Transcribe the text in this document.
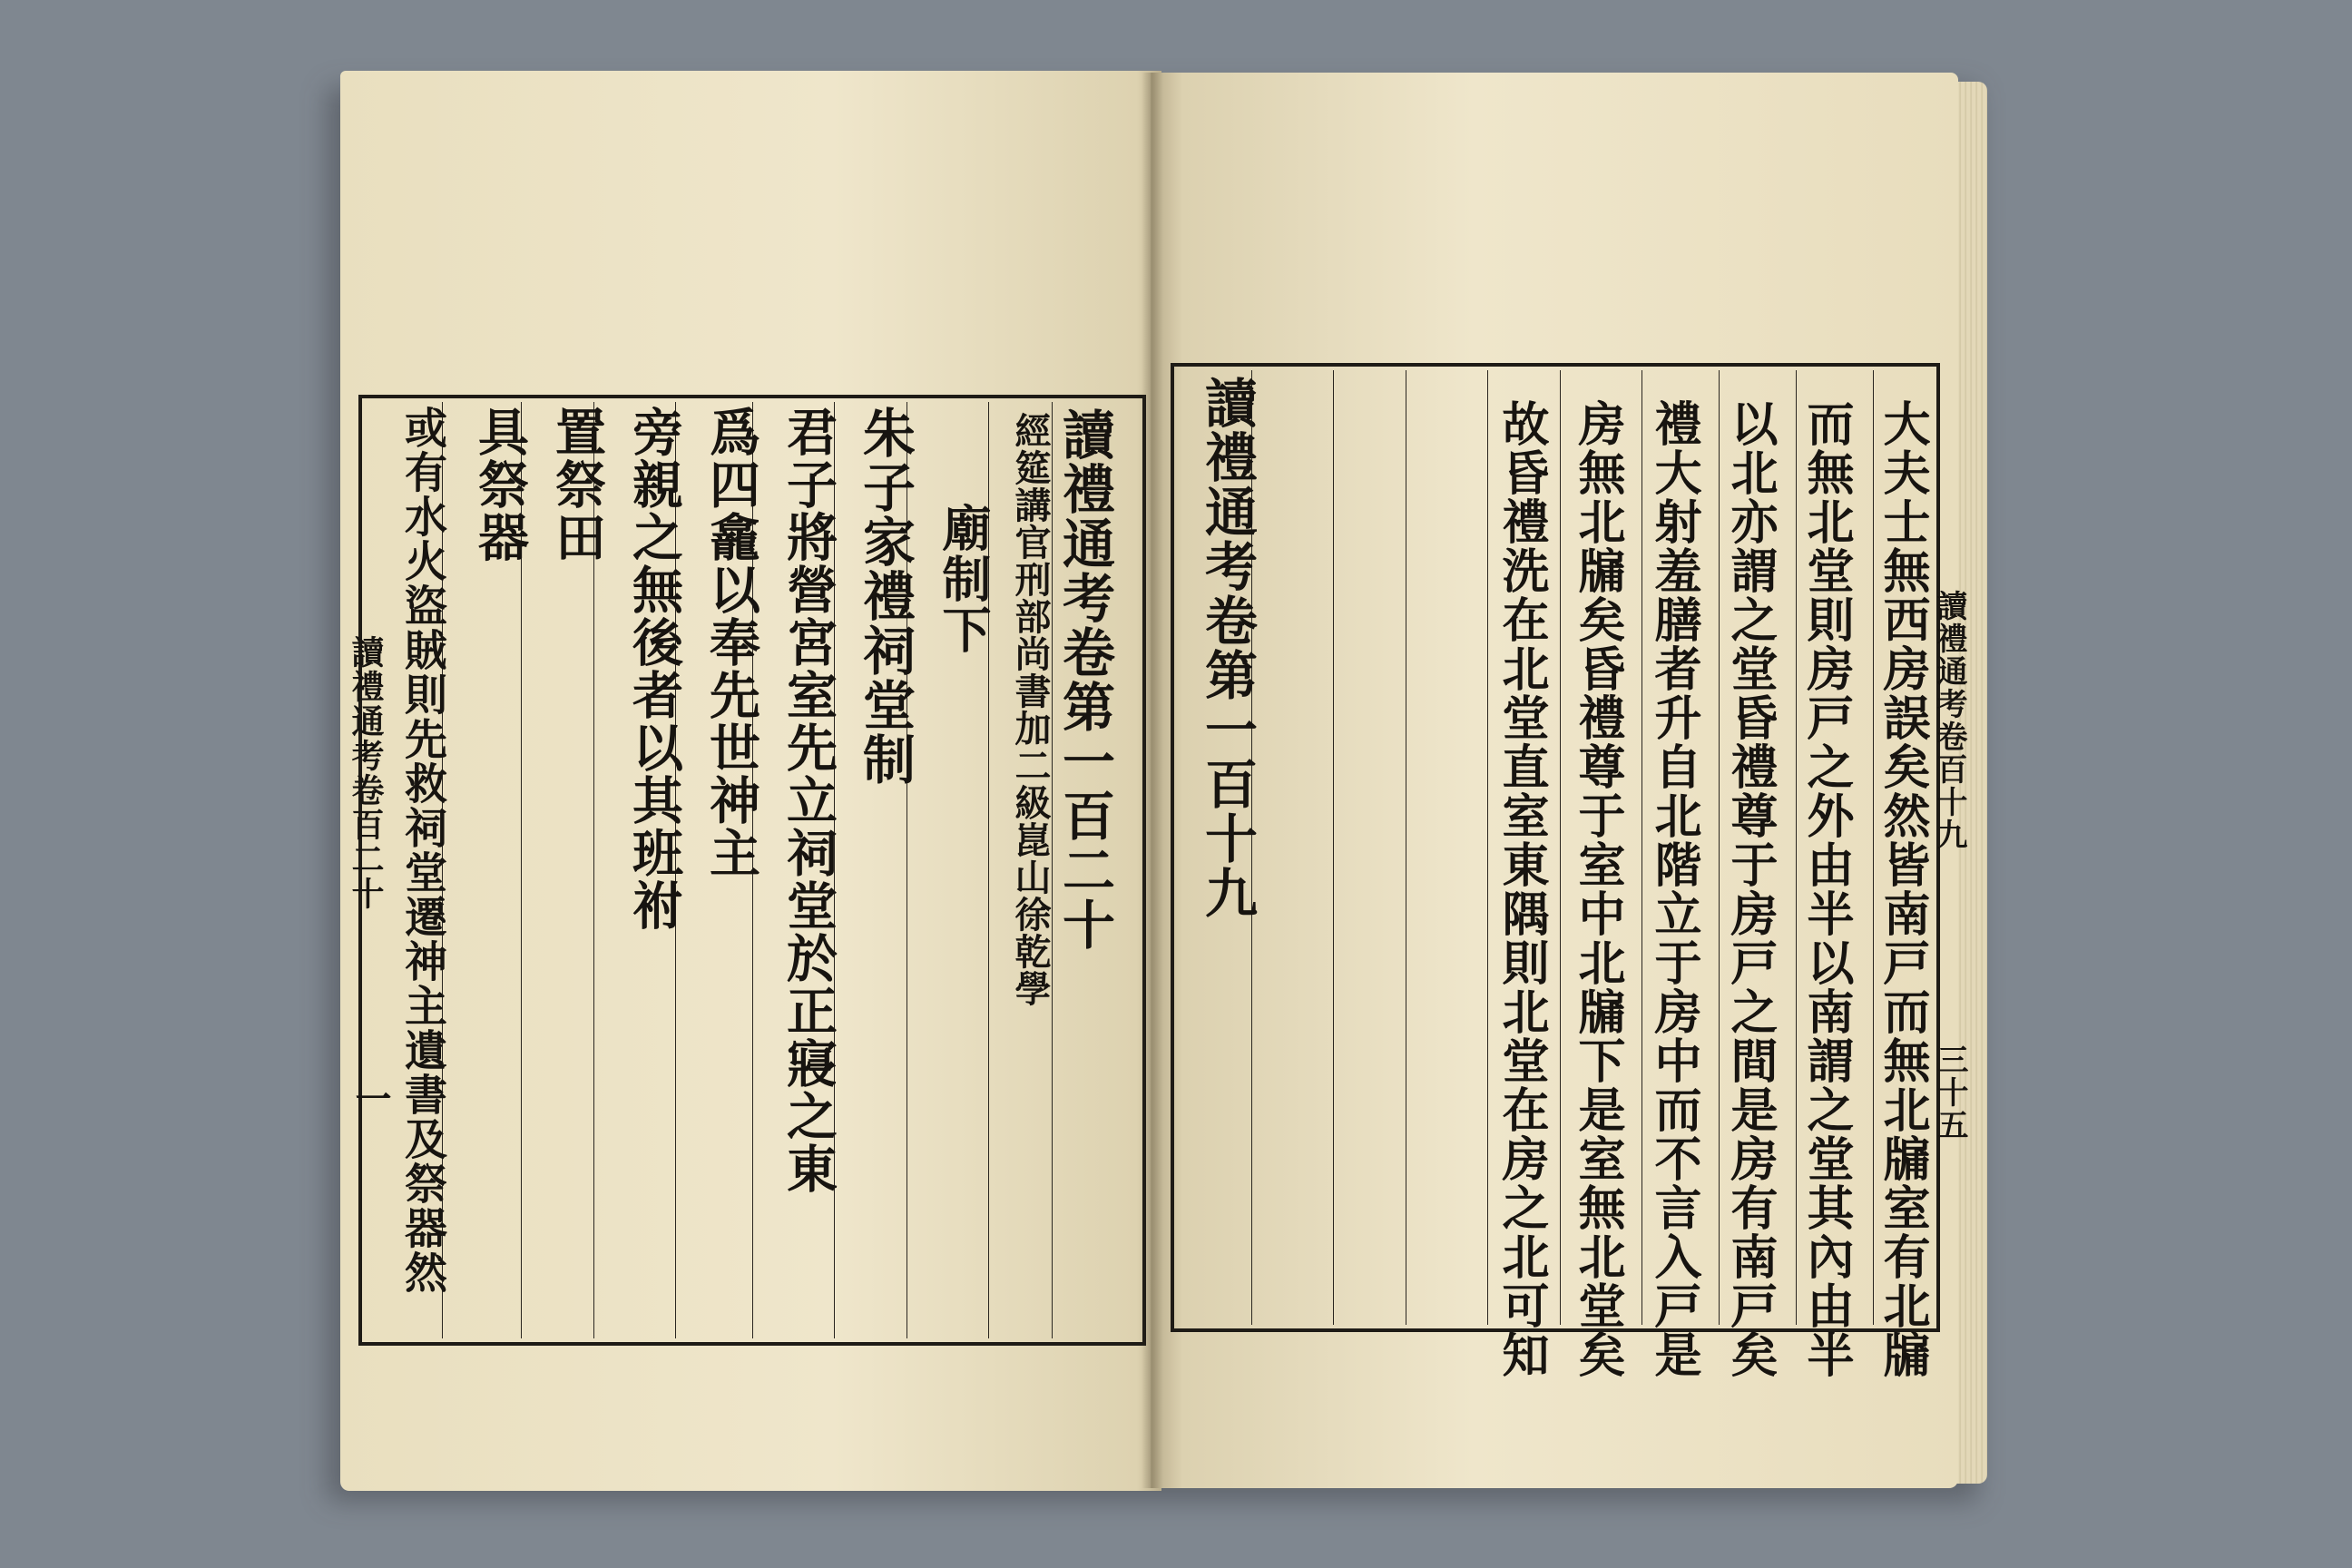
讀禮通考卷第一百二十
經筵講官刑部尚書加二級崑山徐乾學
廟制下
朱子家禮祠堂制
君子將營宮室先立祠堂於正寢之東
爲四龕以奉先世神主
旁親之無後者以其班祔
置祭田
具祭器
或有水火盜賊則先救祠堂遷神主遺書及祭器然
讀禮通考卷百二十
一
讀禮通考卷第一百十九	大夫士無西房誤矣然皆南戸而無北牖室有北牖
而無北堂則房戸之外由半以南謂之堂其內由半
以北亦謂之堂昏禮尊于房戸之間是房有南戸矣
禮大射羞膳者升自北階立于房中而不言入戸是
房無北牖矣昏禮尊于室中北牖下是室無北堂矣
故昏禮洗在北堂直室東隅則北堂在房之北可知	讀禮通考卷百十九
三十五
